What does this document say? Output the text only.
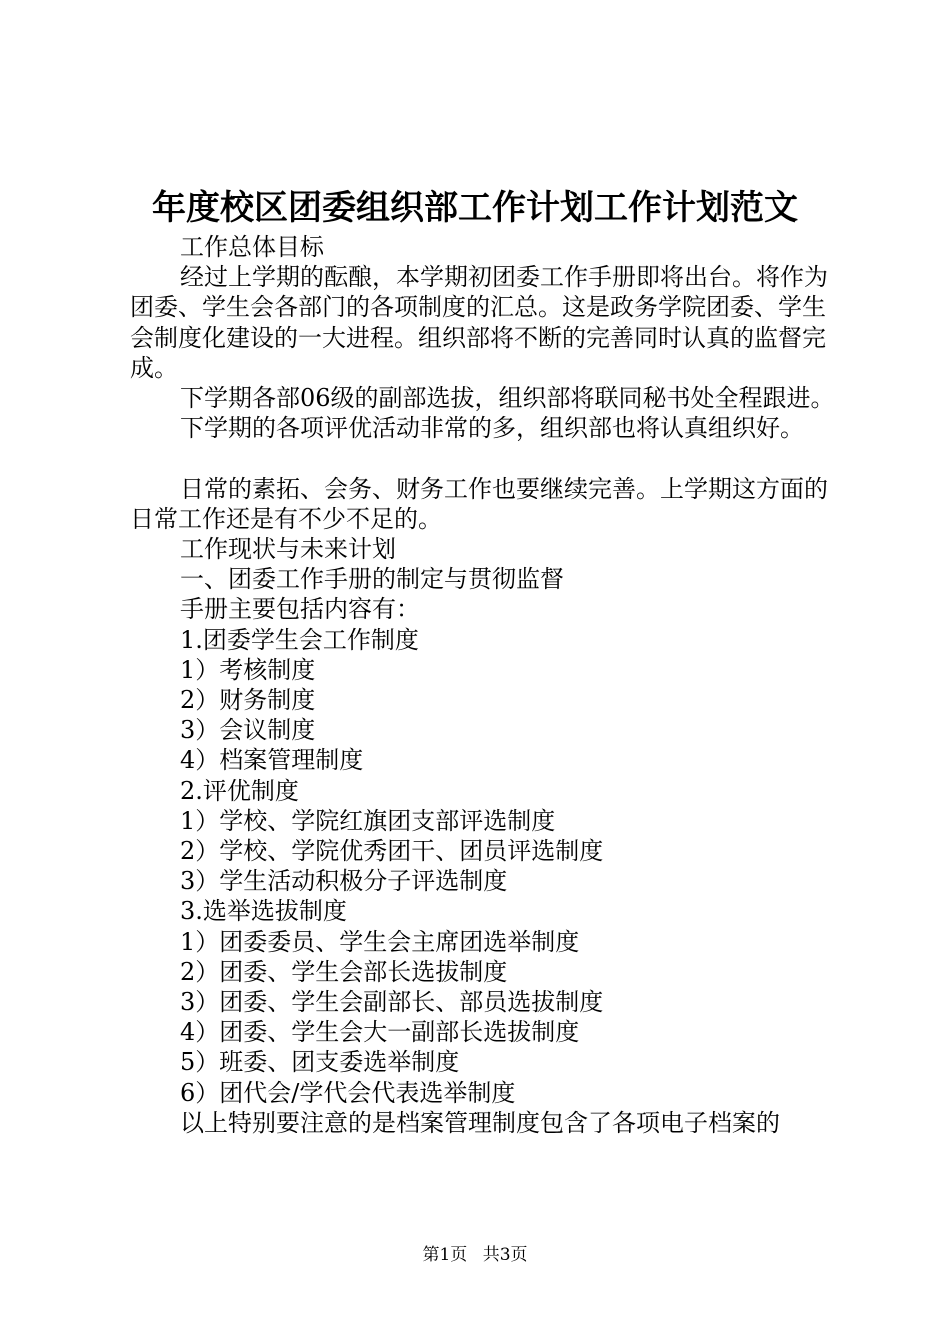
年度校区团委组织部工作计划工作计划范文

工作总体目标

经过上学期的酝酿，本学期初团委工作手册即将出台。将作为团委、学生会各部门的各项制度的汇总。这是政务学院团委、学生会制度化建设的一大进程。组织部将不断的完善同时认真的监督完成。

下学期各部06级的副部选拔，组织部将联同秘书处全程跟进。

下学期的各项评优活动非常的多，组织部也将认真组织好。

日常的素拓、会务、财务工作也要继续完善。上学期这方面的日常工作还是有不少不足的。

工作现状与未来计划

一、团委工作手册的制定与贯彻监督

手册主要包括内容有：

1.团委学生会工作制度

1）考核制度

2）财务制度

3）会议制度

4）档案管理制度

2.评优制度

1）学校、学院红旗团支部评选制度

2）学校、学院优秀团干、团员评选制度

3）学生活动积极分子评选制度

3.选举选拔制度

1）团委委员、学生会主席团选举制度

2）团委、学生会部长选拔制度

3）团委、学生会副部长、部员选拔制度

4）团委、学生会大一副部长选拔制度

5）班委、团支委选举制度

6）团代会/学代会代表选举制度

以上特别要注意的是档案管理制度包含了各项电子档案的

第1页 共3页
